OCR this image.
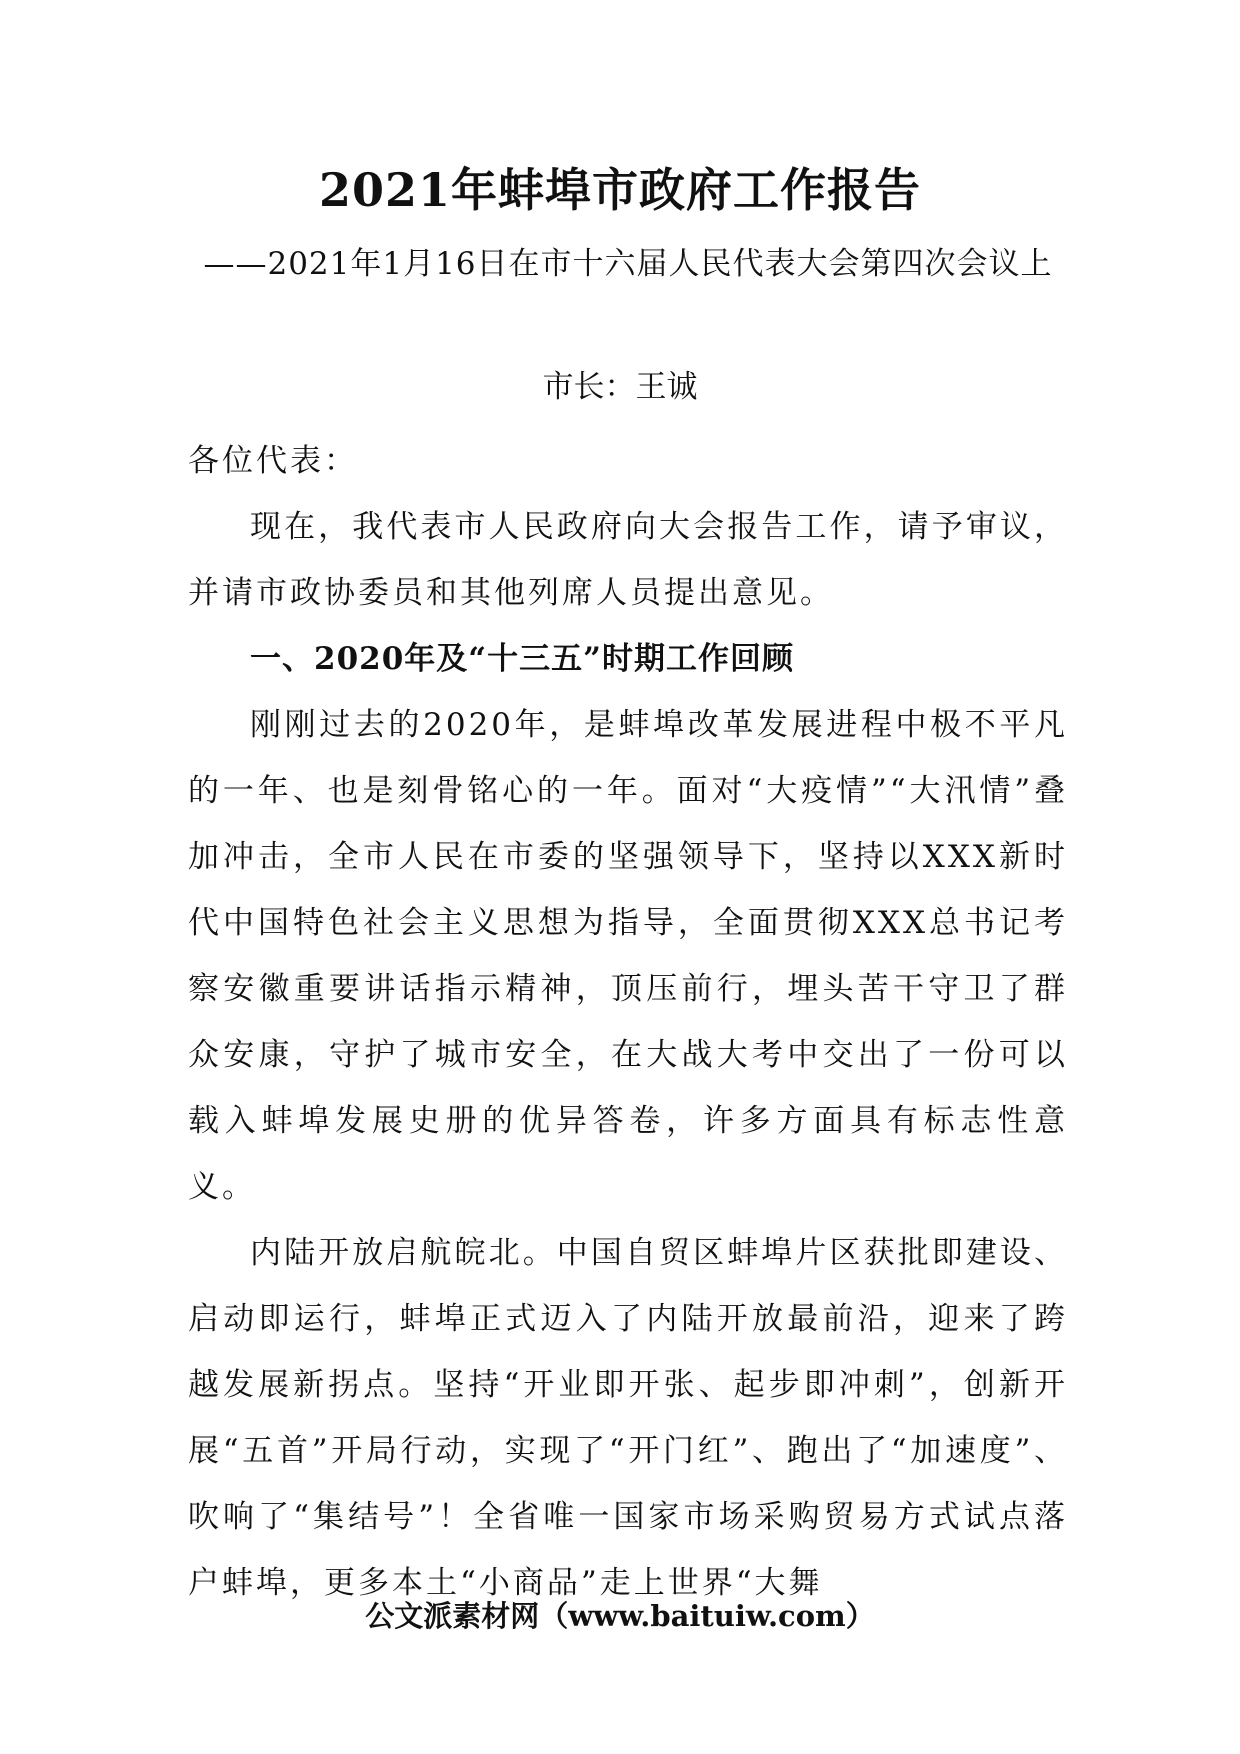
2021年蚌埠市政府工作报告
——2021年1月16日在市十六届人民代表大会第四次会议上
市长：王诚

各位代表：

现在，我代表市人民政府向大会报告工作，请予审议，并请市政协委员和其他列席人员提出意见。

一、2020年及“十三五”时期工作回顾

刚刚过去的2020年，是蚌埠改革发展进程中极不平凡的一年、也是刻骨铭心的一年。面对“大疫情”“大汛情”叠加冲击，全市人民在市委的坚强领导下，坚持以XXX新时代中国特色社会主义思想为指导，全面贯彻XXX总书记考察安徽重要讲话指示精神，顶压前行，埋头苦干守卫了群众安康，守护了城市安全，在大战大考中交出了一份可以载入蚌埠发展史册的优异答卷，许多方面具有标志性意义。

内陆开放启航皖北。中国自贸区蚌埠片区获批即建设、启动即运行，蚌埠正式迈入了内陆开放最前沿，迎来了跨越发展新拐点。坚持“开业即开张、起步即冲刺”，创新开展“五首”开局行动，实现了“开门红”、跑出了“加速度”、吹响了“集结号”！全省唯一国家市场采购贸易方式试点落户蚌埠，更多本土“小商品”走上世界“大舞

公文派素材网（www.baituiw.com）
